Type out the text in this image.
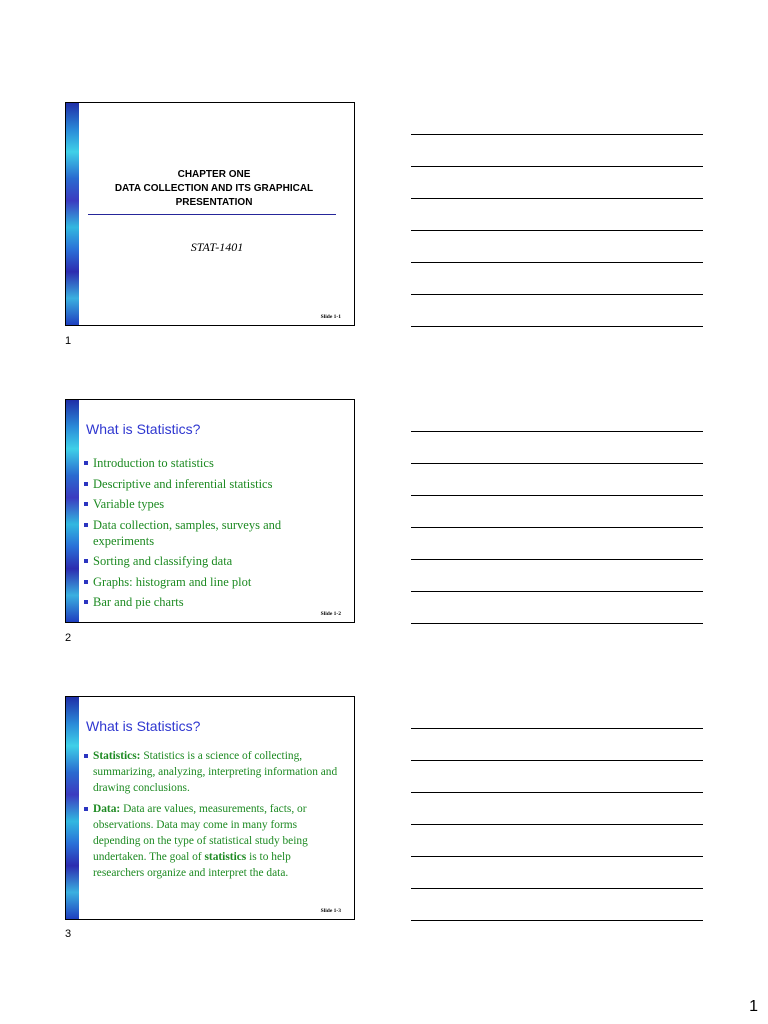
CHAPTER ONE
DATA COLLECTION AND ITS GRAPHICAL
PRESENTATION
STAT-1401
Slide 1-1
1
What is Statistics?
Introduction to statistics
Descriptive and inferential statistics
Variable types
Data collection, samples, surveys and experiments
Sorting and classifying data
Graphs: histogram and line plot
Bar and pie charts
Slide 1-2
2
What is Statistics?
Statistics: Statistics is a science of collecting, summarizing, analyzing, interpreting information and drawing conclusions.
Data: Data are values, measurements, facts, or observations. Data may come in many forms depending on the type of statistical study being undertaken. The goal of statistics is to help researchers organize and interpret the data.
Slide 1-3
3
1
